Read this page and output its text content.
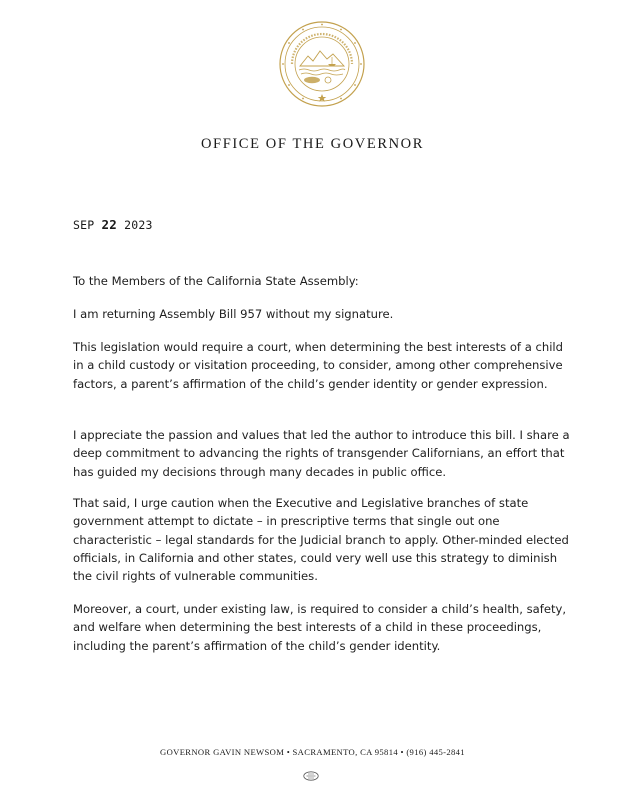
OFFICE OF THE GOVERNOR
SEP 22 2023

To the Members of the California State Assembly:

I am returning Assembly Bill 957 without my signature.

This legislation would require a court, when determining the best interests of a child in a child custody or visitation proceeding, to consider, among other comprehensive factors, a parent’s affirmation of the child’s gender identity or gender expression.

I appreciate the passion and values that led the author to introduce this bill. I share a deep commitment to advancing the rights of transgender Californians, an effort that has guided my decisions through many decades in public office.

That said, I urge caution when the Executive and Legislative branches of state government attempt to dictate – in prescriptive terms that single out one characteristic – legal standards for the Judicial branch to apply. Other-minded elected officials, in California and other states, could very well use this strategy to diminish the civil rights of vulnerable communities.

Moreover, a court, under existing law, is required to consider a child’s health, safety, and welfare when determining the best interests of a child in these proceedings, including the parent’s affirmation of the child’s gender identity.

GOVERNOR GAVIN NEWSOM • SACRAMENTO, CA 95814 • (916) 445-2841
